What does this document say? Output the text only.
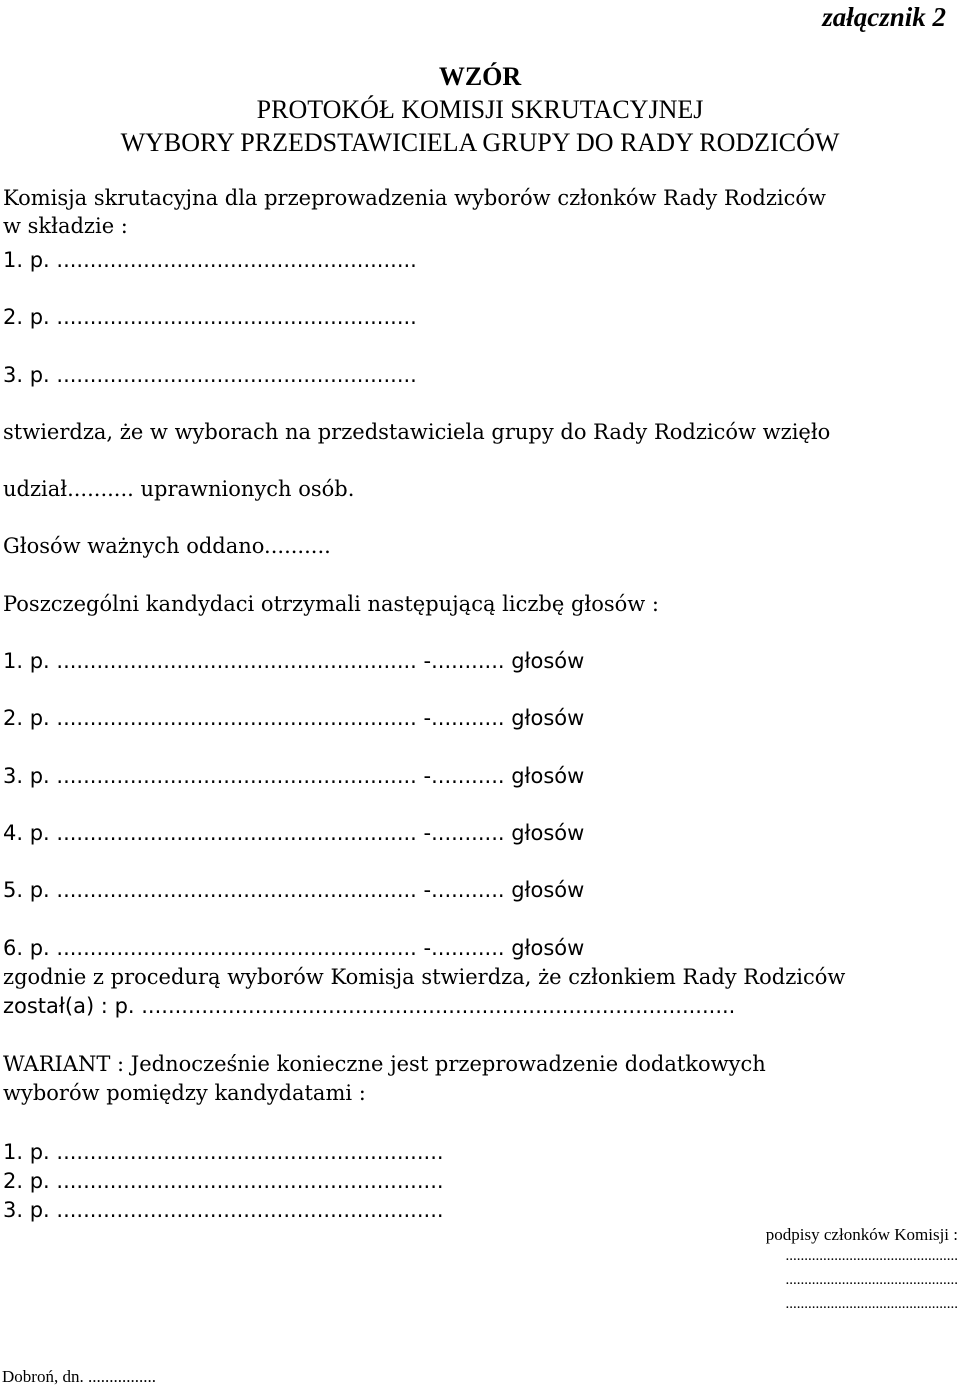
załącznik 2
WZÓR
PROTOKÓŁ KOMISJI SKRUTACYJNEJ
WYBORY PRZEDSTAWICIELA GRUPY DO RADY RODZICÓW
Komisja skrutacyjna dla przeprowadzenia wyborów członków Rady Rodziców
w składzie :
1. p. ......................................................
2. p. ......................................................
3. p. ......................................................
stwierdza, że w wyborach na przedstawiciela grupy do Rady Rodziców wzięło
udział.......... uprawnionych osób.
Głosów ważnych oddano..........
Poszczególni kandydaci otrzymali następującą liczbę głosów :
1. p. ...................................................... -........... głosów
2. p. ...................................................... -........... głosów
3. p. ...................................................... -........... głosów
4. p. ...................................................... -........... głosów
5. p. ...................................................... -........... głosów
6. p. ...................................................... -........... głosów
zgodnie z procedurą wyborów Komisja stwierdza, że członkiem Rady Rodziców
został(a) : p. .........................................................................................
WARIANT : Jednocześnie konieczne jest przeprowadzenie dodatkowych
wyborów pomiędzy kandydatami :
1. p. ..........................................................
2. p. ..........................................................
3. p. ..........................................................
podpisy członków Komisji :
..............................................
..............................................
..............................................
Dobroń, dn. ................
